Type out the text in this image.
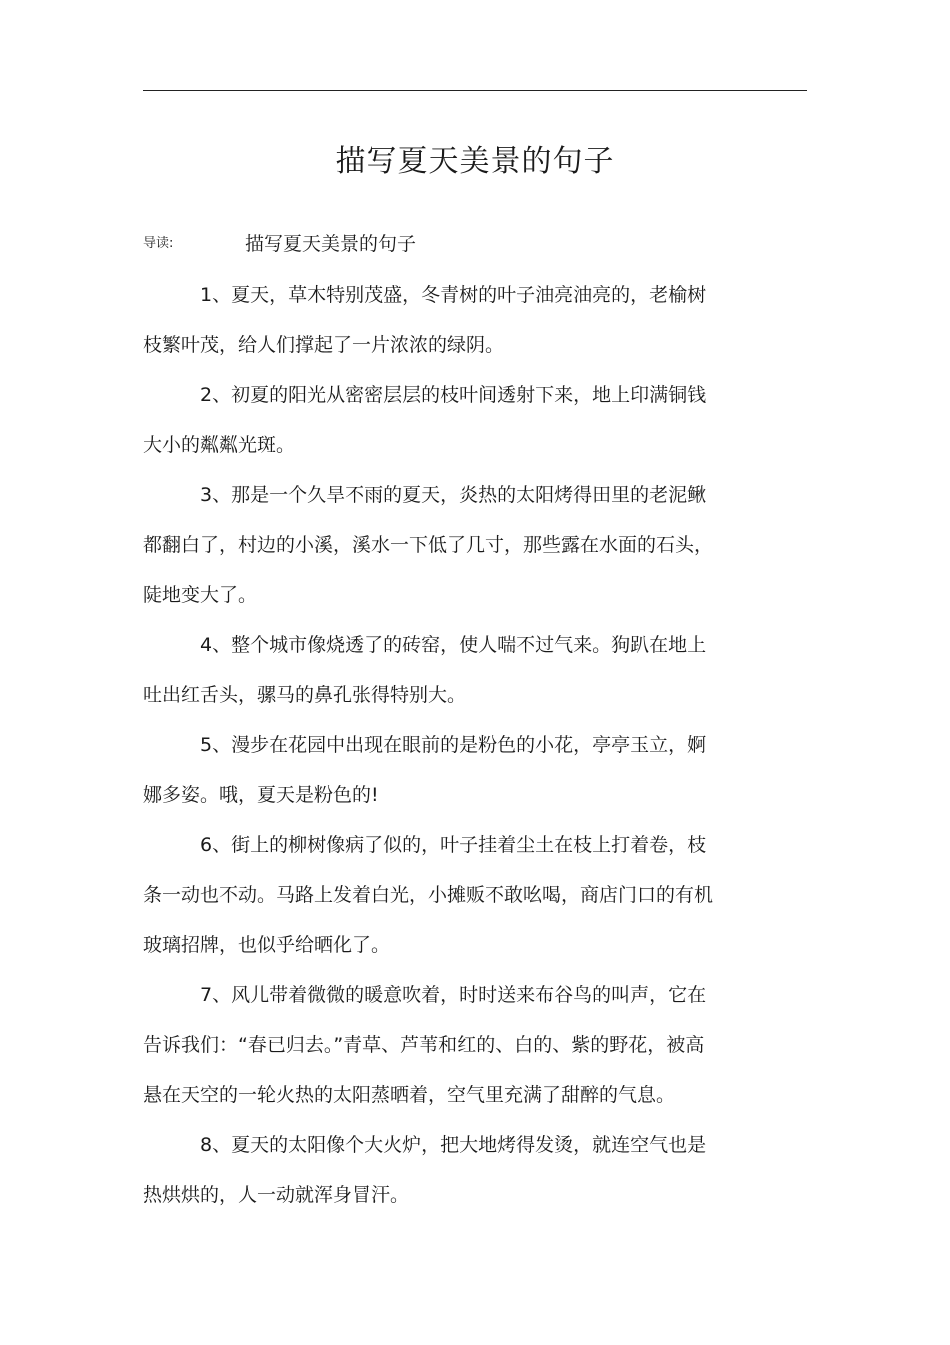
描写夏天美景的句子
导读:	描写夏天美景的句子

1、夏天，草木特别茂盛，冬青树的叶子油亮油亮的，老榆树
枝繁叶茂，给人们撑起了一片浓浓的绿阴。

2、初夏的阳光从密密层层的枝叶间透射下来，地上印满铜钱
大小的粼粼光斑。

3、那是一个久旱不雨的夏天，炎热的太阳烤得田里的老泥鳅
都翻白了，村边的小溪，溪水一下低了几寸，那些露在水面的石头，
陡地变大了。

4、整个城市像烧透了的砖窑，使人喘不过气来。狗趴在地上
吐出红舌头，骡马的鼻孔张得特别大。

5、漫步在花园中出现在眼前的是粉色的小花，亭亭玉立，婀
娜多姿。哦，夏天是粉色的!

6、街上的柳树像病了似的，叶子挂着尘土在枝上打着卷，枝
条一动也不动。马路上发着白光，小摊贩不敢吆喝，商店门口的有机
玻璃招牌，也似乎给晒化了。

7、风儿带着微微的暖意吹着，时时送来布谷鸟的叫声，它在
告诉我们：“春已归去。”青草、芦苇和红的、白的、紫的野花，被高
悬在天空的一轮火热的太阳蒸晒着，空气里充满了甜醉的气息。

8、夏天的太阳像个大火炉，把大地烤得发烫，就连空气也是
热烘烘的，人一动就浑身冒汗。
